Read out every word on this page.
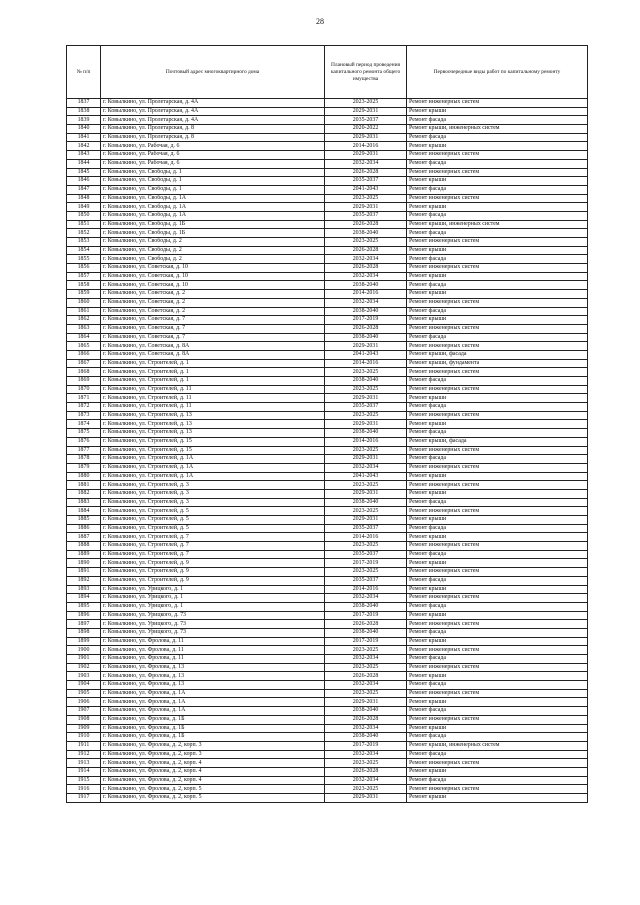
28
№ п/п	Почтовый адрес многоквартирного дома	Плановый период проведения капитального ремонта общего имущества	Первоочередные виды работ по капитальному ремонту
1837	г. Ковылкино, ул. Пролетарская, д. 4А	2023-2025	Ремонт инженерных систем
1838	г. Ковылкино, ул. Пролетарская, д. 4А	2029-2031	Ремонт крыши
1839	г. Ковылкино, ул. Пролетарская, д. 4А	2035-2037	Ремонт фасада
1840	г. Ковылкино, ул. Пролетарская, д. 8	2020-2022	Ремонт крыши, инженерных систем
1841	г. Ковылкино, ул. Пролетарская, д. 8	2029-2031	Ремонт фасада
1842	г. Ковылкино, ул. Рабочая, д. 6	2014-2016	Ремонт крыши
1843	г. Ковылкино, ул. Рабочая, д. 6	2029-2031	Ремонт инженерных систем
1844	г. Ковылкино, ул. Рабочая, д. 6	2032-2034	Ремонт фасада
1845	г. Ковылкино, ул. Свободы, д. 1	2026-2028	Ремонт инженерных систем
1846	г. Ковылкино, ул. Свободы, д. 1	2035-2037	Ремонт крыши
1847	г. Ковылкино, ул. Свободы, д. 1	2041-2043	Ремонт фасада
1848	г. Ковылкино, ул. Свободы, д. 1А	2023-2025	Ремонт инженерных систем
1849	г. Ковылкино, ул. Свободы, д. 1А	2029-2031	Ремонт крыши
1850	г. Ковылкино, ул. Свободы, д. 1А	2035-2037	Ремонт фасада
1851	г. Ковылкино, ул. Свободы, д. 1Б	2026-2028	Ремонт крыши, инженерных систем
1852	г. Ковылкино, ул. Свободы, д. 1Б	2038-2040	Ремонт фасада
1853	г. Ковылкино, ул. Свободы, д. 2	2023-2025	Ремонт инженерных систем
1854	г. Ковылкино, ул. Свободы, д. 2	2026-2028	Ремонт крыши
1855	г. Ковылкино, ул. Свободы, д. 2	2032-2034	Ремонт фасада
1856	г. Ковылкино, ул. Советская, д. 10	2026-2028	Ремонт инженерных систем
1857	г. Ковылкино, ул. Советская, д. 10	2032-2034	Ремонт крыши
1858	г. Ковылкино, ул. Советская, д. 10	2038-2040	Ремонт фасада
1859	г. Ковылкино, ул. Советская, д. 2	2014-2016	Ремонт крыши
1860	г. Ковылкино, ул. Советская, д. 2	2032-2034	Ремонт инженерных систем
1861	г. Ковылкино, ул. Советская, д. 2	2038-2040	Ремонт фасада
1862	г. Ковылкино, ул. Советская, д. 7	2017-2019	Ремонт крыши
1863	г. Ковылкино, ул. Советская, д. 7	2026-2028	Ремонт инженерных систем
1864	г. Ковылкино, ул. Советская, д. 7	2038-2040	Ремонт фасада
1865	г. Ковылкино, ул. Советская, д. 8А	2029-2031	Ремонт инженерных систем
1866	г. Ковылкино, ул. Советская, д. 8А	2041-2043	Ремонт крыши, фасада
1867	г. Ковылкино, ул. Строителей, д. 1	2014-2016	Ремонт крыши, фундамента
1868	г. Ковылкино, ул. Строителей, д. 1	2023-2025	Ремонт инженерных систем
1869	г. Ковылкино, ул. Строителей, д. 1	2038-2040	Ремонт фасада
1870	г. Ковылкино, ул. Строителей, д. 11	2023-2025	Ремонт инженерных систем
1871	г. Ковылкино, ул. Строителей, д. 11	2029-2031	Ремонт крыши
1872	г. Ковылкино, ул. Строителей, д. 11	2035-2037	Ремонт фасада
1873	г. Ковылкино, ул. Строителей, д. 13	2023-2025	Ремонт инженерных систем
1874	г. Ковылкино, ул. Строителей, д. 13	2029-2031	Ремонт крыши
1875	г. Ковылкино, ул. Строителей, д. 13	2038-2040	Ремонт фасада
1876	г. Ковылкино, ул. Строителей, д. 15	2014-2016	Ремонт крыши, фасада
1877	г. Ковылкино, ул. Строителей, д. 15	2023-2025	Ремонт инженерных систем
1878	г. Ковылкино, ул. Строителей, д. 1А	2029-2031	Ремонт фасада
1879	г. Ковылкино, ул. Строителей, д. 1А	2032-2034	Ремонт инженерных систем
1880	г. Ковылкино, ул. Строителей, д. 1А	2041-2043	Ремонт крыши
1881	г. Ковылкино, ул. Строителей, д. 3	2023-2025	Ремонт инженерных систем
1882	г. Ковылкино, ул. Строителей, д. 3	2029-2031	Ремонт крыши
1883	г. Ковылкино, ул. Строителей, д. 3	2038-2040	Ремонт фасада
1884	г. Ковылкино, ул. Строителей, д. 5	2023-2025	Ремонт инженерных систем
1885	г. Ковылкино, ул. Строителей, д. 5	2029-2031	Ремонт крыши
1886	г. Ковылкино, ул. Строителей, д. 5	2035-2037	Ремонт фасада
1887	г. Ковылкино, ул. Строителей, д. 7	2014-2016	Ремонт крыши
1888	г. Ковылкино, ул. Строителей, д. 7	2023-2025	Ремонт инженерных систем
1889	г. Ковылкино, ул. Строителей, д. 7	2035-2037	Ремонт фасада
1890	г. Ковылкино, ул. Строителей, д. 9	2017-2019	Ремонт крыши
1891	г. Ковылкино, ул. Строителей, д. 9	2023-2025	Ремонт инженерных систем
1892	г. Ковылкино, ул. Строителей, д. 9	2035-2037	Ремонт фасада
1893	г. Ковылкино, ул. Урицкого, д. 1	2014-2016	Ремонт крыши
1894	г. Ковылкино, ул. Урицкого, д. 1	2032-2034	Ремонт инженерных систем
1895	г. Ковылкино, ул. Урицкого, д. 1	2038-2040	Ремонт фасада
1896	г. Ковылкино, ул. Урицкого, д. 73	2017-2019	Ремонт крыши
1897	г. Ковылкино, ул. Урицкого, д. 73	2026-2028	Ремонт инженерных систем
1898	г. Ковылкино, ул. Урицкого, д. 73	2038-2040	Ремонт фасада
1899	г. Ковылкино, ул. Фролова, д. 11	2017-2019	Ремонт крыши
1900	г. Ковылкино, ул. Фролова, д. 11	2023-2025	Ремонт инженерных систем
1901	г. Ковылкино, ул. Фролова, д. 11	2032-2034	Ремонт фасада
1902	г. Ковылкино, ул. Фролова, д. 13	2023-2025	Ремонт инженерных систем
1903	г. Ковылкино, ул. Фролова, д. 13	2026-2028	Ремонт крыши
1904	г. Ковылкино, ул. Фролова, д. 13	2032-2034	Ремонт фасада
1905	г. Ковылкино, ул. Фролова, д. 1А	2023-2025	Ремонт инженерных систем
1906	г. Ковылкино, ул. Фролова, д. 1А	2029-2031	Ремонт крыши
1907	г. Ковылкино, ул. Фролова, д. 1А	2038-2040	Ремонт фасада
1908	г. Ковылкино, ул. Фролова, д. 1Б	2026-2028	Ремонт инженерных систем
1909	г. Ковылкино, ул. Фролова, д. 1Б	2032-2034	Ремонт крыши
1910	г. Ковылкино, ул. Фролова, д. 1Б	2038-2040	Ремонт фасада
1911	г. Ковылкино, ул. Фролова, д. 2, корп. 3	2017-2019	Ремонт крыши, инженерных систем
1912	г. Ковылкино, ул. Фролова, д. 2, корп. 3	2032-2034	Ремонт фасада
1913	г. Ковылкино, ул. Фролова, д. 2, корп. 4	2023-2025	Ремонт инженерных систем
1914	г. Ковылкино, ул. Фролова, д. 2, корп. 4	2026-2028	Ремонт крыши
1915	г. Ковылкино, ул. Фролова, д. 2, корп. 4	2032-2034	Ремонт фасада
1916	г. Ковылкино, ул. Фролова, д. 2, корп. 5	2023-2025	Ремонт инженерных систем
1917	г. Ковылкино, ул. Фролова, д. 2, корп. 5	2029-2031	Ремонт крыши
